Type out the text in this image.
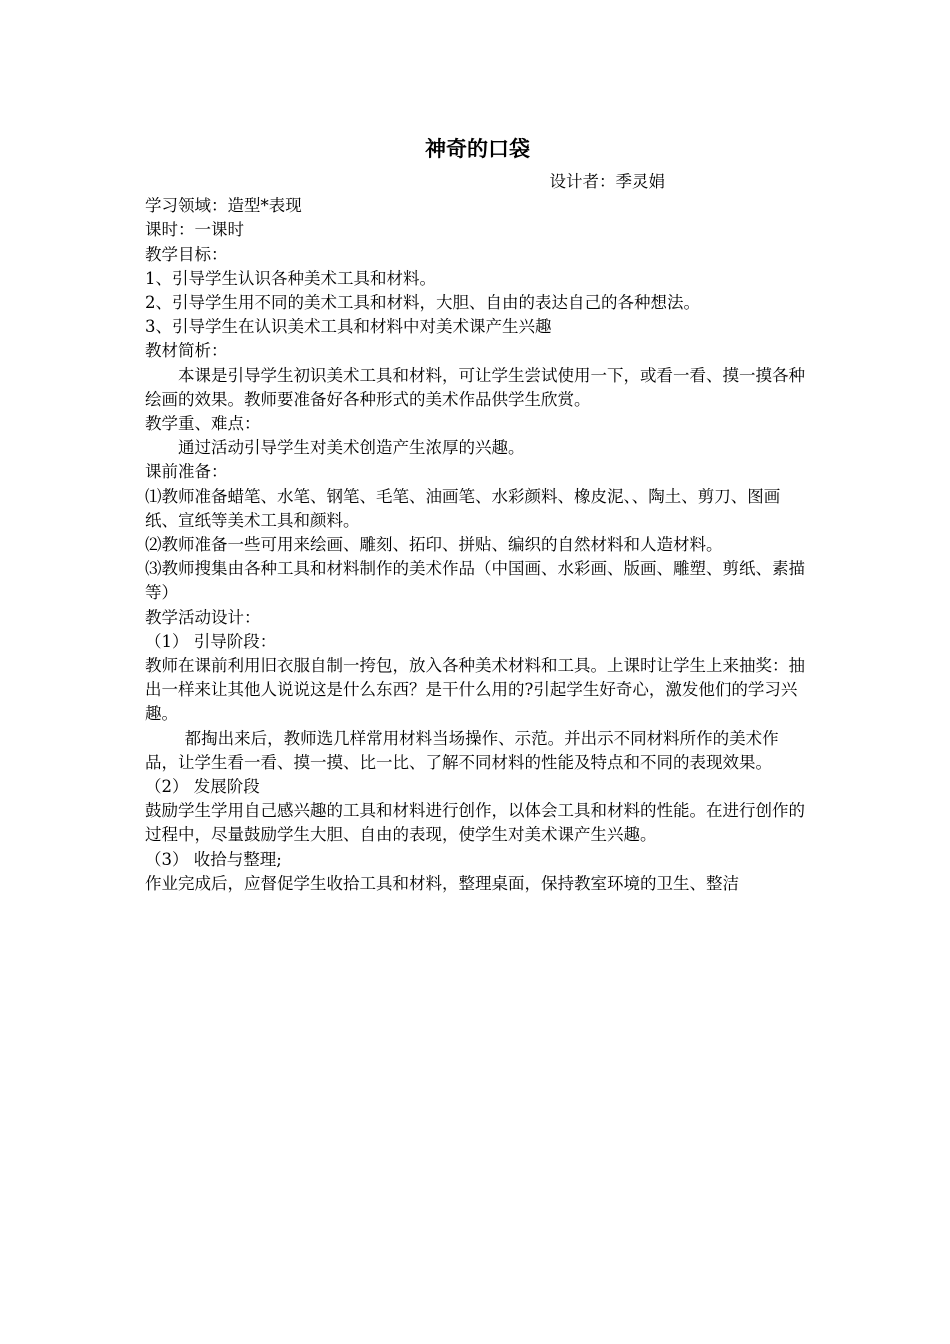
神奇的口袋

设计者：季灵娟

学习领域：造型*表现

课时：一课时

教学目标：

1、引导学生认识各种美术工具和材料。

2、引导学生用不同的美术工具和材料，大胆、自由的表达自己的各种想法。

3、引导学生在认识美术工具和材料中对美术课产生兴趣

教材简析：

本课是引导学生初识美术工具和材料，可让学生尝试使用一下，或看一看、摸一摸各种绘画的效果。教师要准备好各种形式的美术作品供学生欣赏。

教学重、难点：

通过活动引导学生对美术创造产生浓厚的兴趣。

课前准备：

⑴教师准备蜡笔、水笔、钢笔、毛笔、油画笔、水彩颜料、橡皮泥、、陶土、剪刀、图画纸、宣纸等美术工具和颜料。

⑵教师准备一些可用来绘画、雕刻、拓印、拼贴、编织的自然材料和人造材料。

⑶教师搜集由各种工具和材料制作的美术作品（中国画、水彩画、版画、雕塑、剪纸、素描等）

教学活动设计：

（1） 引导阶段：

教师在课前利用旧衣服自制一挎包，放入各种美术材料和工具。上课时让学生上来抽奖：抽出一样来让其他人说说这是什么东西？是干什么用的?引起学生好奇心，激发他们的学习兴趣。

都掏出来后，教师选几样常用材料当场操作、示范。并出示不同材料所作的美术作品，让学生看一看、摸一摸、比一比、了解不同材料的性能及特点和不同的表现效果。

（2） 发展阶段

鼓励学生学用自己感兴趣的工具和材料进行创作，以体会工具和材料的性能。在进行创作的过程中，尽量鼓励学生大胆、自由的表现，使学生对美术课产生兴趣。

（3） 收拾与整理;

作业完成后，应督促学生收拾工具和材料，整理桌面，保持教室环境的卫生、整洁
